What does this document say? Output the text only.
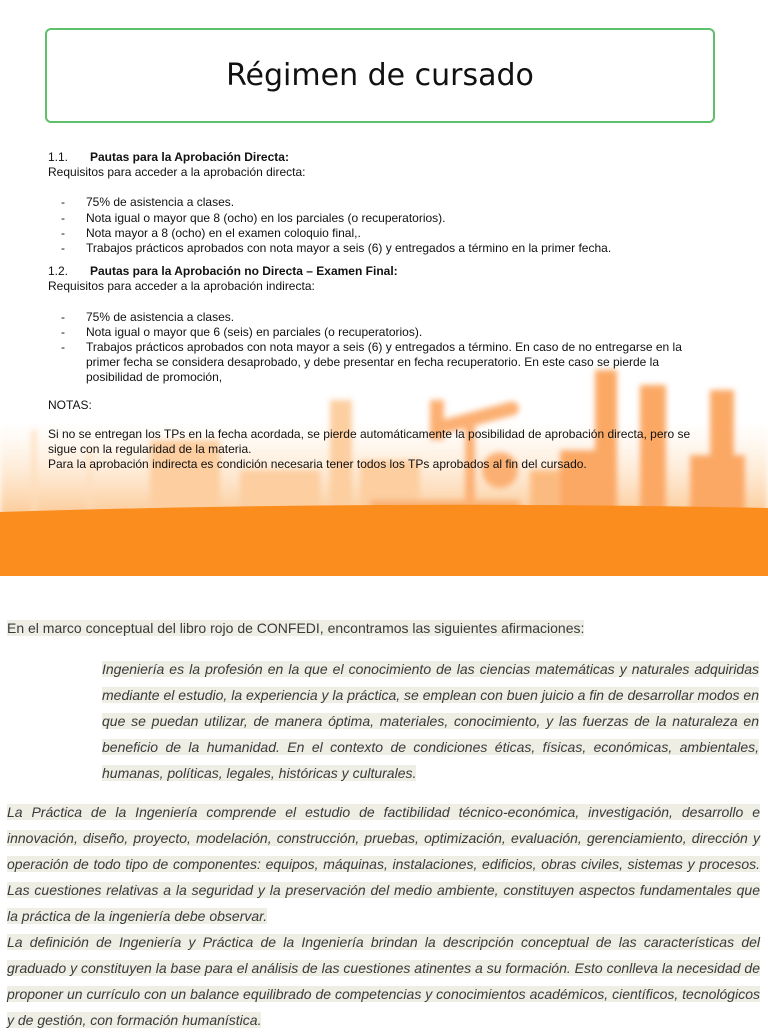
Régimen de cursado
1.1.	Pautas para la Aprobación Directa:
Requisitos para acceder a la aprobación directa:
- 75% de asistencia a clases.
- Nota igual o mayor que 8 (ocho) en los parciales (o recuperatorios).
- Nota mayor a 8 (ocho) en el examen coloquio final,.
- Trabajos prácticos aprobados con nota mayor a seis (6) y entregados a término en la primer fecha.
1.2.	Pautas para la Aprobación no Directa – Examen Final:
Requisitos para acceder a la aprobación indirecta:
- 75% de asistencia a clases.
- Nota igual o mayor que 6 (seis) en parciales (o recuperatorios).
- Trabajos prácticos aprobados con nota mayor a seis (6) y entregados a término. En caso de no entregarse en la primer fecha se considera desaprobado, y debe presentar en fecha recuperatorio. En este caso se pierde la posibilidad de promoción,
NOTAS:

Si no se entregan los TPs en la fecha acordada, se pierde automáticamente la posibilidad de aprobación directa, pero se sigue con la regularidad de la materia.

Para la aprobación indirecta es condición necesaria tener todos los TPs aprobados al fin del cursado.

En el marco conceptual del libro rojo de CONFEDI, encontramos las siguientes afirmaciones:
Ingeniería es la profesión en la que el conocimiento de las ciencias matemáticas y naturales adquiridas mediante el estudio, la experiencia y la práctica, se emplean con buen juicio a fin de desarrollar modos en que se puedan utilizar, de manera óptima, materiales, conocimiento, y las fuerzas de la naturaleza en beneficio de la humanidad. En el contexto de condiciones éticas, físicas, económicas, ambientales, humanas, políticas, legales, históricas y culturales.

La Práctica de la Ingeniería comprende el estudio de factibilidad técnico-económica, investigación, desarrollo e innovación, diseño, proyecto, modelación, construcción, pruebas, optimización, evaluación, gerenciamiento, dirección y operación de todo tipo de componentes: equipos, máquinas, instalaciones, edificios, obras civiles, sistemas y procesos. Las cuestiones relativas a la seguridad y la preservación del medio ambiente, constituyen aspectos fundamentales que la práctica de la ingeniería debe observar.

La definición de Ingeniería y Práctica de la Ingeniería brindan la descripción conceptual de las características del graduado y constituyen la base para el análisis de las cuestiones atinentes a su formación. Esto conlleva la necesidad de proponer un currículo con un balance equilibrado de competencias y conocimientos académicos, científicos, tecnológicos y de gestión, con formación humanística.
